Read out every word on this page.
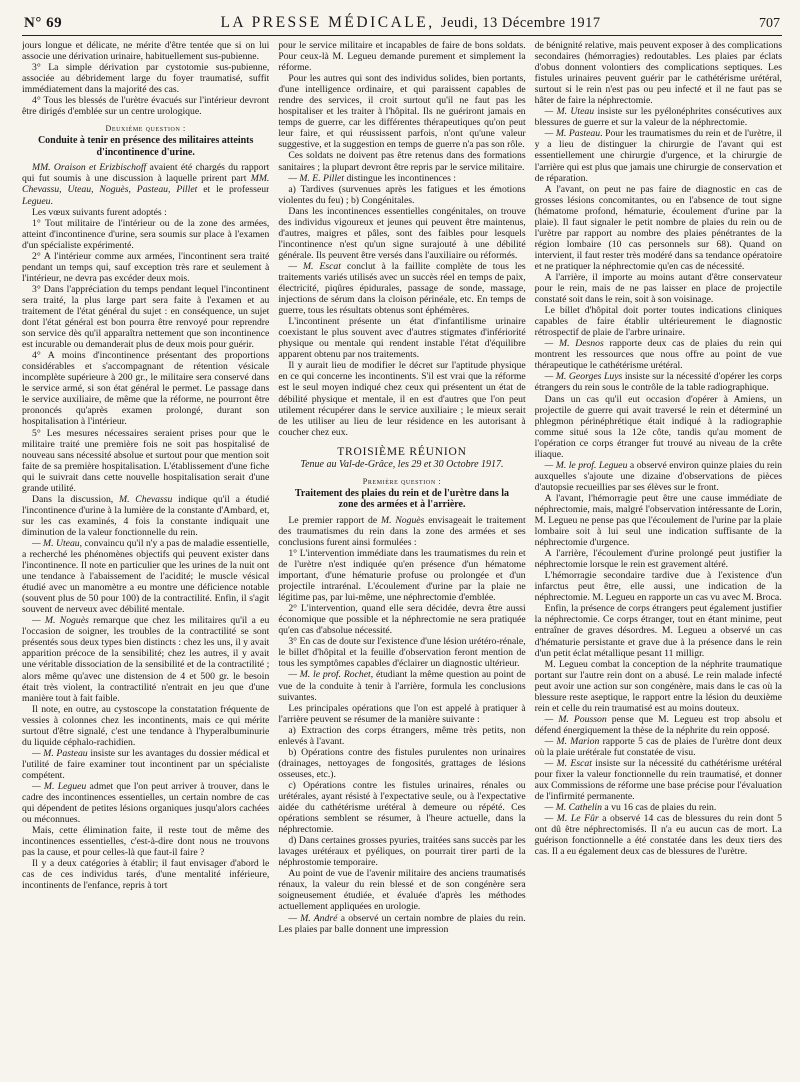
N° 69	LA PRESSE MÉDICALE, Jeudi, 13 Décembre 1917	707

jours longue et délicate, ne mérite d'être tentée que si on lui associe une dérivation urinaire, habituellement sus-pubienne.

3° La simple dérivation par cystotomie sus-pubienne, associée au débridement large du foyer traumatisé, suffit immédiatement dans la majorité des cas.

4° Tous les blessés de l'urètre évacués sur l'intérieur devront être dirigés d'emblée sur un centre urologique.

Deuxième question :
Conduite à tenir en présence des militaires atteints d'incontinence d'urine.

MM. Oraison et Erizbischoff avaient été chargés du rapport qui fut soumis à une discussion à laquelle prirent part MM. Chevassu, Uteau, Noguès, Pasteau, Pillet et le professeur Legueu.

Les vœux suivants furent adoptés :

1° Tout militaire de l'intérieur ou de la zone des armées, atteint d'incontinence d'urine, sera soumis sur place à l'examen d'un spécialiste expérimenté.

2° A l'intérieur comme aux armées, l'incontinent sera traité pendant un temps qui, sauf exception très rare et seulement à l'intérieur, ne devra pas excéder deux mois.

3° Dans l'appréciation du temps pendant lequel l'incontinent sera traité, la plus large part sera faite à l'examen et au traitement de l'état général du sujet : en conséquence, un sujet dont l'état général est bon pourra être renvoyé pour reprendre son service dès qu'il apparaîtra nettement que son incontinence est incurable ou demanderait plus de deux mois pour guérir.

4° A moins d'incontinence présentant des proportions considérables et s'accompagnant de rétention vésicale incomplète supérieure à 200 gr., le militaire sera conservé dans le service armé, si son état général le permet. Le passage dans le service auxiliaire, de même que la réforme, ne pourront être prononcés qu'après examen prolongé, durant son hospitalisation à l'intérieur.

5° Les mesures nécessaires seraient prises pour que le militaire traité une première fois ne soit pas hospitalisé de nouveau sans nécessité absolue et surtout pour que mention soit faite de sa première hospitalisation. L'établissement d'une fiche qui le suivrait dans cette nouvelle hospitalisation serait d'une grande utilité.

Dans la discussion, M. Chevassu indique qu'il a étudié l'incontinence d'urine à la lumière de la constante d'Ambard, et, sur les cas examinés, 4 fois la constante indiquait une diminution de la valeur fonctionnelle du rein.

— M. Uteau, convaincu qu'il n'y a pas de maladie essentielle, a recherché les phénomènes objectifs qui peuvent exister dans l'incontinence. Il note en particulier que les urines de la nuit ont une tendance à l'abaissement de l'acidité; le muscle vésical étudié avec un manomètre a eu montre une déficience notable (souvent plus de 50 pour 100) de la contractilité. Enfin, il s'agit souvent de nerveux avec débilité mentale.

— M. Noguès remarque que chez les militaires qu'il a eu l'occasion de soigner, les troubles de la contractilité se sont présentés sous deux types bien distincts : chez les uns, il y avait apparition précoce de la sensibilité; chez les autres, il y avait une véritable dissociation de la sensibilité et de la contractilité ; alors même qu'avec une distension de 4 et 500 gr. le besoin était très violent, la contractilité n'entrait en jeu que d'une manière tout à fait faible.

Il note, en outre, au cystoscope la constatation fréquente de vessies à colonnes chez les incontinents, mais ce qui mérite surtout d'être signalé, c'est une tendance à l'hyperalbuminurie du liquide céphalo-rachidien.

— M. Pasteau insiste sur les avantages du dossier médical et l'utilité de faire examiner tout incontinent par un spécialiste compétent.

— M. Legueu admet que l'on peut arriver à trouver, dans le cadre des incontinences essentielles, un certain nombre de cas qui dépendent de petites lésions organiques jusqu'alors cachées ou méconnues.

Mais, cette élimination faite, il reste tout de même des incontinences essentielles, c'est-à-dire dont nous ne trouvons pas la cause, et pour celles-là que faut-il faire ?

Il y a deux catégories à établir; il faut envisager d'abord le cas de ces individus tarés, d'une mentalité inférieure, incontinents de l'enfance, repris à tort

pour le service militaire et incapables de faire de bons soldats. Pour ceux-là M. Legueu demande purement et simplement la réforme.

Pour les autres qui sont des individus solides, bien portants, d'une intelligence ordinaire, et qui paraissent capables de rendre des services, il croit surtout qu'il ne faut pas les hospitaliser et les traiter à l'hôpital. Ils ne guériront jamais en temps de guerre, car les différentes thérapeutiques qu'on peut leur faire, et qui réussissent parfois, n'ont qu'une valeur suggestive, et la suggestion en temps de guerre n'a pas son rôle.

Ces soldats ne doivent pas être retenus dans des formations sanitaires ; la plupart devront être repris par le service militaire.

— M. E. Pillet distingue les incontinences :

a) Tardives (survenues après les fatigues et les émotions violentes du feu) ; b) Congénitales.

Dans les incontinences essentielles congénitales, on trouve des individus vigoureux et jeunes qui peuvent être maintenus, d'autres, maigres et pâles, sont des faibles pour lesquels l'incontinence n'est qu'un signe surajouté à une débilité générale. Ils peuvent être versés dans l'auxiliaire ou réformés.

— M. Escat conclut à la faillite complète de tous les traitements variés utilisés avec un succès réel en temps de paix, électricité, piqûres épidurales, passage de sonde, massage, injections de sérum dans la cloison périnéale, etc. En temps de guerre, tous les résultats obtenus sont éphémères.

L'incontinent présente un état d'infantilisme urinaire coexistant le plus souvent avec d'autres stigmates d'infériorité physique ou mentale qui rendent instable l'état d'équilibre apparent obtenu par nos traitements.

Il y aurait lieu de modifier le décret sur l'aptitude physique en ce qui concerne les incontinents. S'il est vrai que la réforme est le seul moyen indiqué chez ceux qui présentent un état de débilité physique et mentale, il en est d'autres que l'on peut utilement récupérer dans le service auxiliaire ; le mieux serait de les utiliser au lieu de leur résidence en les autorisant à coucher chez eux.

TROISIÈME RÉUNION
Tenue au Val-de-Grâce, les 29 et 30 Octobre 1917.
Première question :
Traitement des plaies du rein et de l'urètre dans la zone des armées et à l'arrière.

Le premier rapport de M. Noguès envisageait le traitement des traumatismes du rein dans la zone des armées et ses conclusions furent ainsi formulées :

1° L'intervention immédiate dans les traumatismes du rein et de l'urètre n'est indiquée qu'en présence d'un hématome important, d'une hématurie profuse ou prolongée et d'un projectile intrarénal. L'écoulement d'urine par la plaie ne légitime pas, par lui-même, une néphrectomie d'emblée.

2° L'intervention, quand elle sera décidée, devra être aussi économique que possible et la néphrectomie ne sera pratiquée qu'en cas d'absolue nécessité.

3° En cas de doute sur l'existence d'une lésion urétéro-rénale, le billet d'hôpital et la feuille d'observation feront mention de tous les symptômes capables d'éclairer un diagnostic ultérieur.

— M. le prof. Rochet, étudiant la même question au point de vue de la conduite à tenir à l'arrière, formula les conclusions suivantes.

Les principales opérations que l'on est appelé à pratiquer à l'arrière peuvent se résumer de la manière suivante :

a) Extraction des corps étrangers, même très petits, non enlevés à l'avant.

b) Opérations contre des fistules purulentes non urinaires (drainages, nettoyages de fongosités, grattages de lésions osseuses, etc.).

c) Opérations contre les fistules urinaires, rénales ou urétérales, ayant résisté à l'expectative seule, ou à l'expectative aidée du cathétérisme urétéral à demeure ou répété. Ces opérations semblent se résumer, à l'heure actuelle, dans la néphrectomie.

d) Dans certaines grosses pyuries, traitées sans succès par les lavages urétéraux et pyéliques, on pourrait tirer parti de la néphrostomie temporaire.

Au point de vue de l'avenir militaire des anciens traumatisés rénaux, la valeur du rein blessé et de son congénère sera soigneusement étudiée, et évaluée d'après les méthodes actuellement appliquées en urologie.

— M. André a observé un certain nombre de plaies du rein. Les plaies par balle donnent une impression

de bénignité relative, mais peuvent exposer à des complications secondaires (hémorragies) redoutables. Les plaies par éclats d'obus donnent volontiers des complications septiques. Les fistules urinaires peuvent guérir par le cathétérisme urétéral, surtout si le rein n'est pas ou peu infecté et il ne faut pas se hâter de faire la néphrectomie.

— M. Uteau insiste sur les pyélonéphrites consécutives aux blessures de guerre et sur la valeur de la néphrectomie.

— M. Pasteau. Pour les traumatismes du rein et de l'urètre, il y a lieu de distinguer la chirurgie de l'avant qui est essentiellement une chirurgie d'urgence, et la chirurgie de l'arrière qui est plus que jamais une chirurgie de conservation et de réparation.

A l'avant, on peut ne pas faire de diagnostic en cas de grosses lésions concomitantes, ou en l'absence de tout signe (hématome profond, hématurie, écoulement d'urine par la plaie). Il faut signaler le petit nombre de plaies du rein ou de l'urètre par rapport au nombre des plaies pénétrantes de la région lombaire (10 cas personnels sur 68). Quand on intervient, il faut rester très modéré dans sa tendance opératoire et ne pratiquer la néphrectomie qu'en cas de nécessité.

A l'arrière, il importe au moins autant d'être conservateur pour le rein, mais de ne pas laisser en place de projectile constaté soit dans le rein, soit à son voisinage.

Le billet d'hôpital doit porter toutes indications cliniques capables de faire établir ultérieurement le diagnostic rétrospectif de plaie de l'arbre urinaire.

— M. Desnos rapporte deux cas de plaies du rein qui montrent les ressources que nous offre au point de vue thérapeutique le cathétérisme urétéral.

— M. Georges Luys insiste sur la nécessité d'opérer les corps étrangers du rein sous le contrôle de la table radiographique.

Dans un cas qu'il eut occasion d'opérer à Amiens, un projectile de guerre qui avait traversé le rein et déterminé un phlegmon périnéphrétique était indiqué à la radiographie comme situé sous la 12e côte, tandis qu'au moment de l'opération ce corps étranger fut trouvé au niveau de la crête iliaque.

— M. le prof. Legueu a observé environ quinze plaies du rein auxquelles s'ajoute une dizaine d'observations de pièces d'autopsie recueillies par ses élèves sur le front.

A l'avant, l'hémorragie peut être une cause immédiate de néphrectomie, mais, malgré l'observation intéressante de Lorin, M. Legueu ne pense pas que l'écoulement de l'urine par la plaie lombaire soit à lui seul une indication suffisante de la néphrectomie d'urgence.

A l'arrière, l'écoulement d'urine prolongé peut justifier la néphrectomie lorsque le rein est gravement altéré.

L'hémorragie secondaire tardive due à l'existence d'un infarctus peut être, elle aussi, une indication de la néphrectomie. M. Legueu en rapporte un cas vu avec M. Broca.

Enfin, la présence de corps étrangers peut également justifier la néphrectomie. Ce corps étranger, tout en étant minime, peut entraîner de graves désordres. M. Legueu a observé un cas d'hématurie persistante et grave due à la présence dans le rein d'un petit éclat métallique pesant 11 milligr.

M. Legueu combat la conception de la néphrite traumatique portant sur l'autre rein dont on a abusé. Le rein malade infecté peut avoir une action sur son congénère, mais dans le cas où la blessure reste aseptique, le rapport entre la lésion du deuxième rein et celle du rein traumatisé est au moins douteux.

— M. Pousson pense que M. Legueu est trop absolu et défend énergiquement la thèse de la néphrite du rein opposé.

— M. Marion rapporte 5 cas de plaies de l'urètre dont deux où la plaie urétérale fut constatée de visu.

— M. Escat insiste sur la nécessité du cathétérisme urétéral pour fixer la valeur fonctionnelle du rein traumatisé, et donner aux Commissions de réforme une base précise pour l'évaluation de l'infirmité permanente.

— M. Cathelin a vu 16 cas de plaies du rein.

— M. Le Fûr a observé 14 cas de blessures du rein dont 5 ont dû être néphrectomisés. Il n'a eu aucun cas de mort. La guérison fonctionnelle a été constatée dans les deux tiers des cas. Il a eu également deux cas de blessures de l'urètre.
